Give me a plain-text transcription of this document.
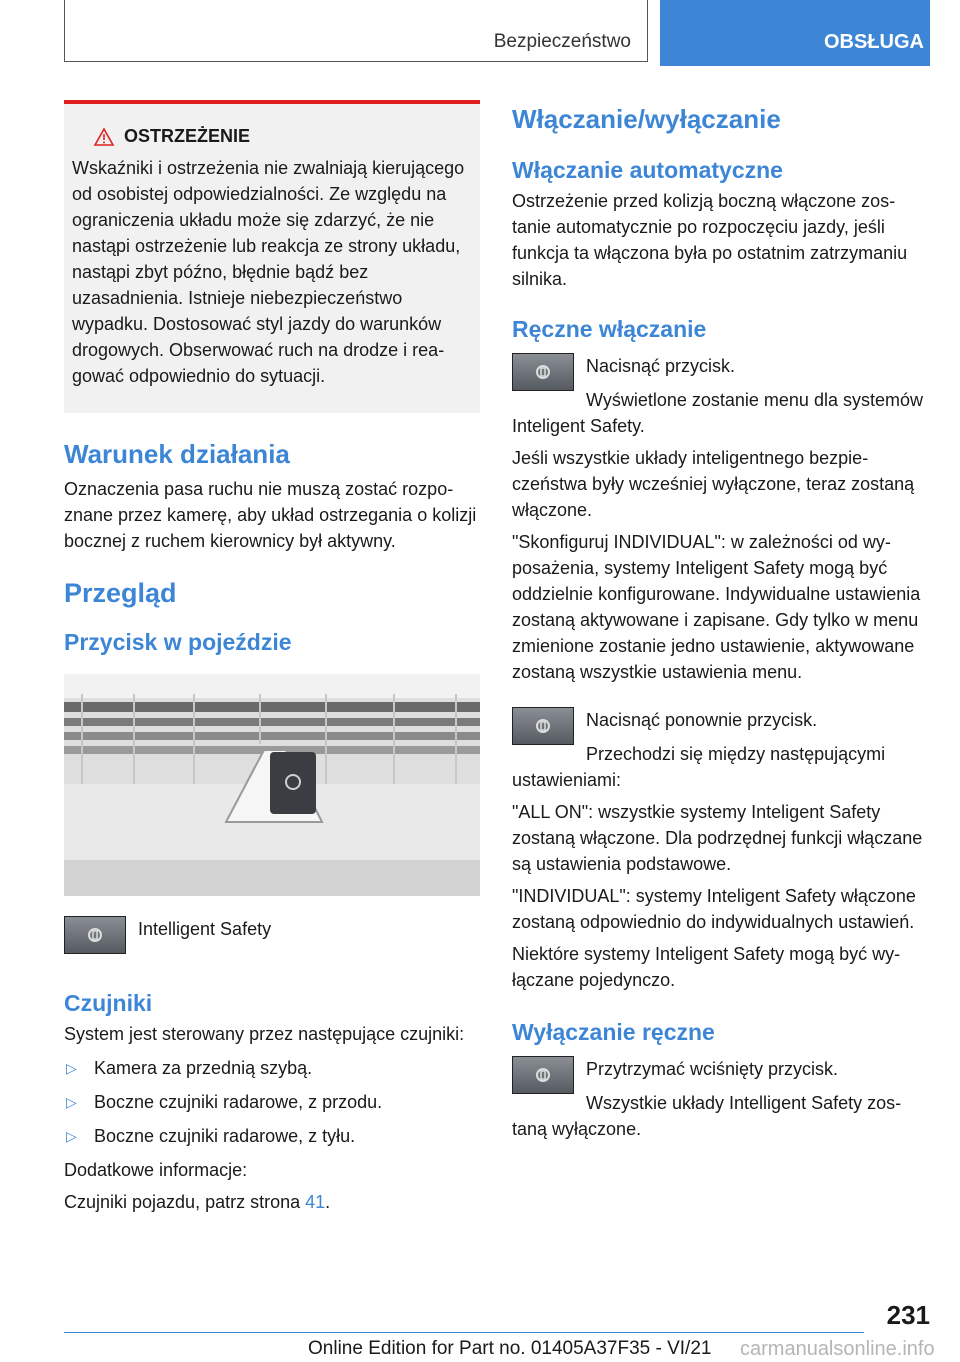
Bezpieczeństwo	OBSŁUGA
OSTRZEŻENIE
Wskaźniki i ostrzeżenia nie zwalniają kierującego od osobistej odpowiedzialności. Ze względu na ograniczenia układu może się zdarzyć, że nie nastąpi ostrzeżenie lub reakcja ze strony układu, nastąpi zbyt późno, błędnie bądź bez uzasadnienia. Istnieje niebezpieczeństwo wypadku. Dostosować styl jazdy do warunków drogowych. Obserwować ruch na drodze i reagować odpowiednio do sytuacji.
Warunek działania

Oznaczenia pasa ruchu nie muszą zostać rozpoznane przez kamerę, aby układ ostrzegania o kolizji bocznej z ruchem kierownicy był aktywny.

Przegląd
Przycisk w pojeździe
Intelligent Safety
Czujniki

System jest sterowany przez następujące czujniki:

▷ Kamera za przednią szybą.
▷ Boczne czujniki radarowe, z przodu.
▷ Boczne czujniki radarowe, z tyłu.

Dodatkowe informacje:

Czujniki pojazdu, patrz strona 41.

Włączanie/wyłączanie
Włączanie automatyczne

Ostrzeżenie przed kolizją boczną włączone zostanie automatycznie po rozpoczęciu jazdy, jeśli funkcja ta włączona była po ostatnim zatrzymaniu silnika.

Ręczne włączanie
Nacisnąć przycisk.

Wyświetlone zostanie menu dla systemów Inteligent Safety.

Jeśli wszystkie układy inteligentnego bezpieczeństwa były wcześniej wyłączone, teraz zostaną włączone.

"Skonfiguruj INDIVIDUAL": w zależności od wyposażenia, systemy Inteligent Safety mogą być oddzielnie konfigurowane. Indywidualne ustawienia zostaną aktywowane i zapisane. Gdy tylko w menu zmienione zostanie jedno ustawienie, aktywowane zostaną wszystkie ustawienia menu.

Nacisnąć ponownie przycisk.

Przechodzi się między następującymi ustawieniami:

"ALL ON": wszystkie systemy Inteligent Safety zostaną włączone. Dla podrzędnej funkcji włączane są ustawienia podstawowe.

"INDIVIDUAL": systemy Inteligent Safety włączone zostaną odpowiednio do indywidualnych ustawień.

Niektóre systemy Inteligent Safety mogą być wyłączane pojedynczo.

Wyłączanie ręczne
Przytrzymać wciśnięty przycisk.

Wszystkie układy Intelligent Safety zostaną wyłączone.

231
Online Edition for Part no. 01405A37F35 - VI/21 carmanualsonline.info
